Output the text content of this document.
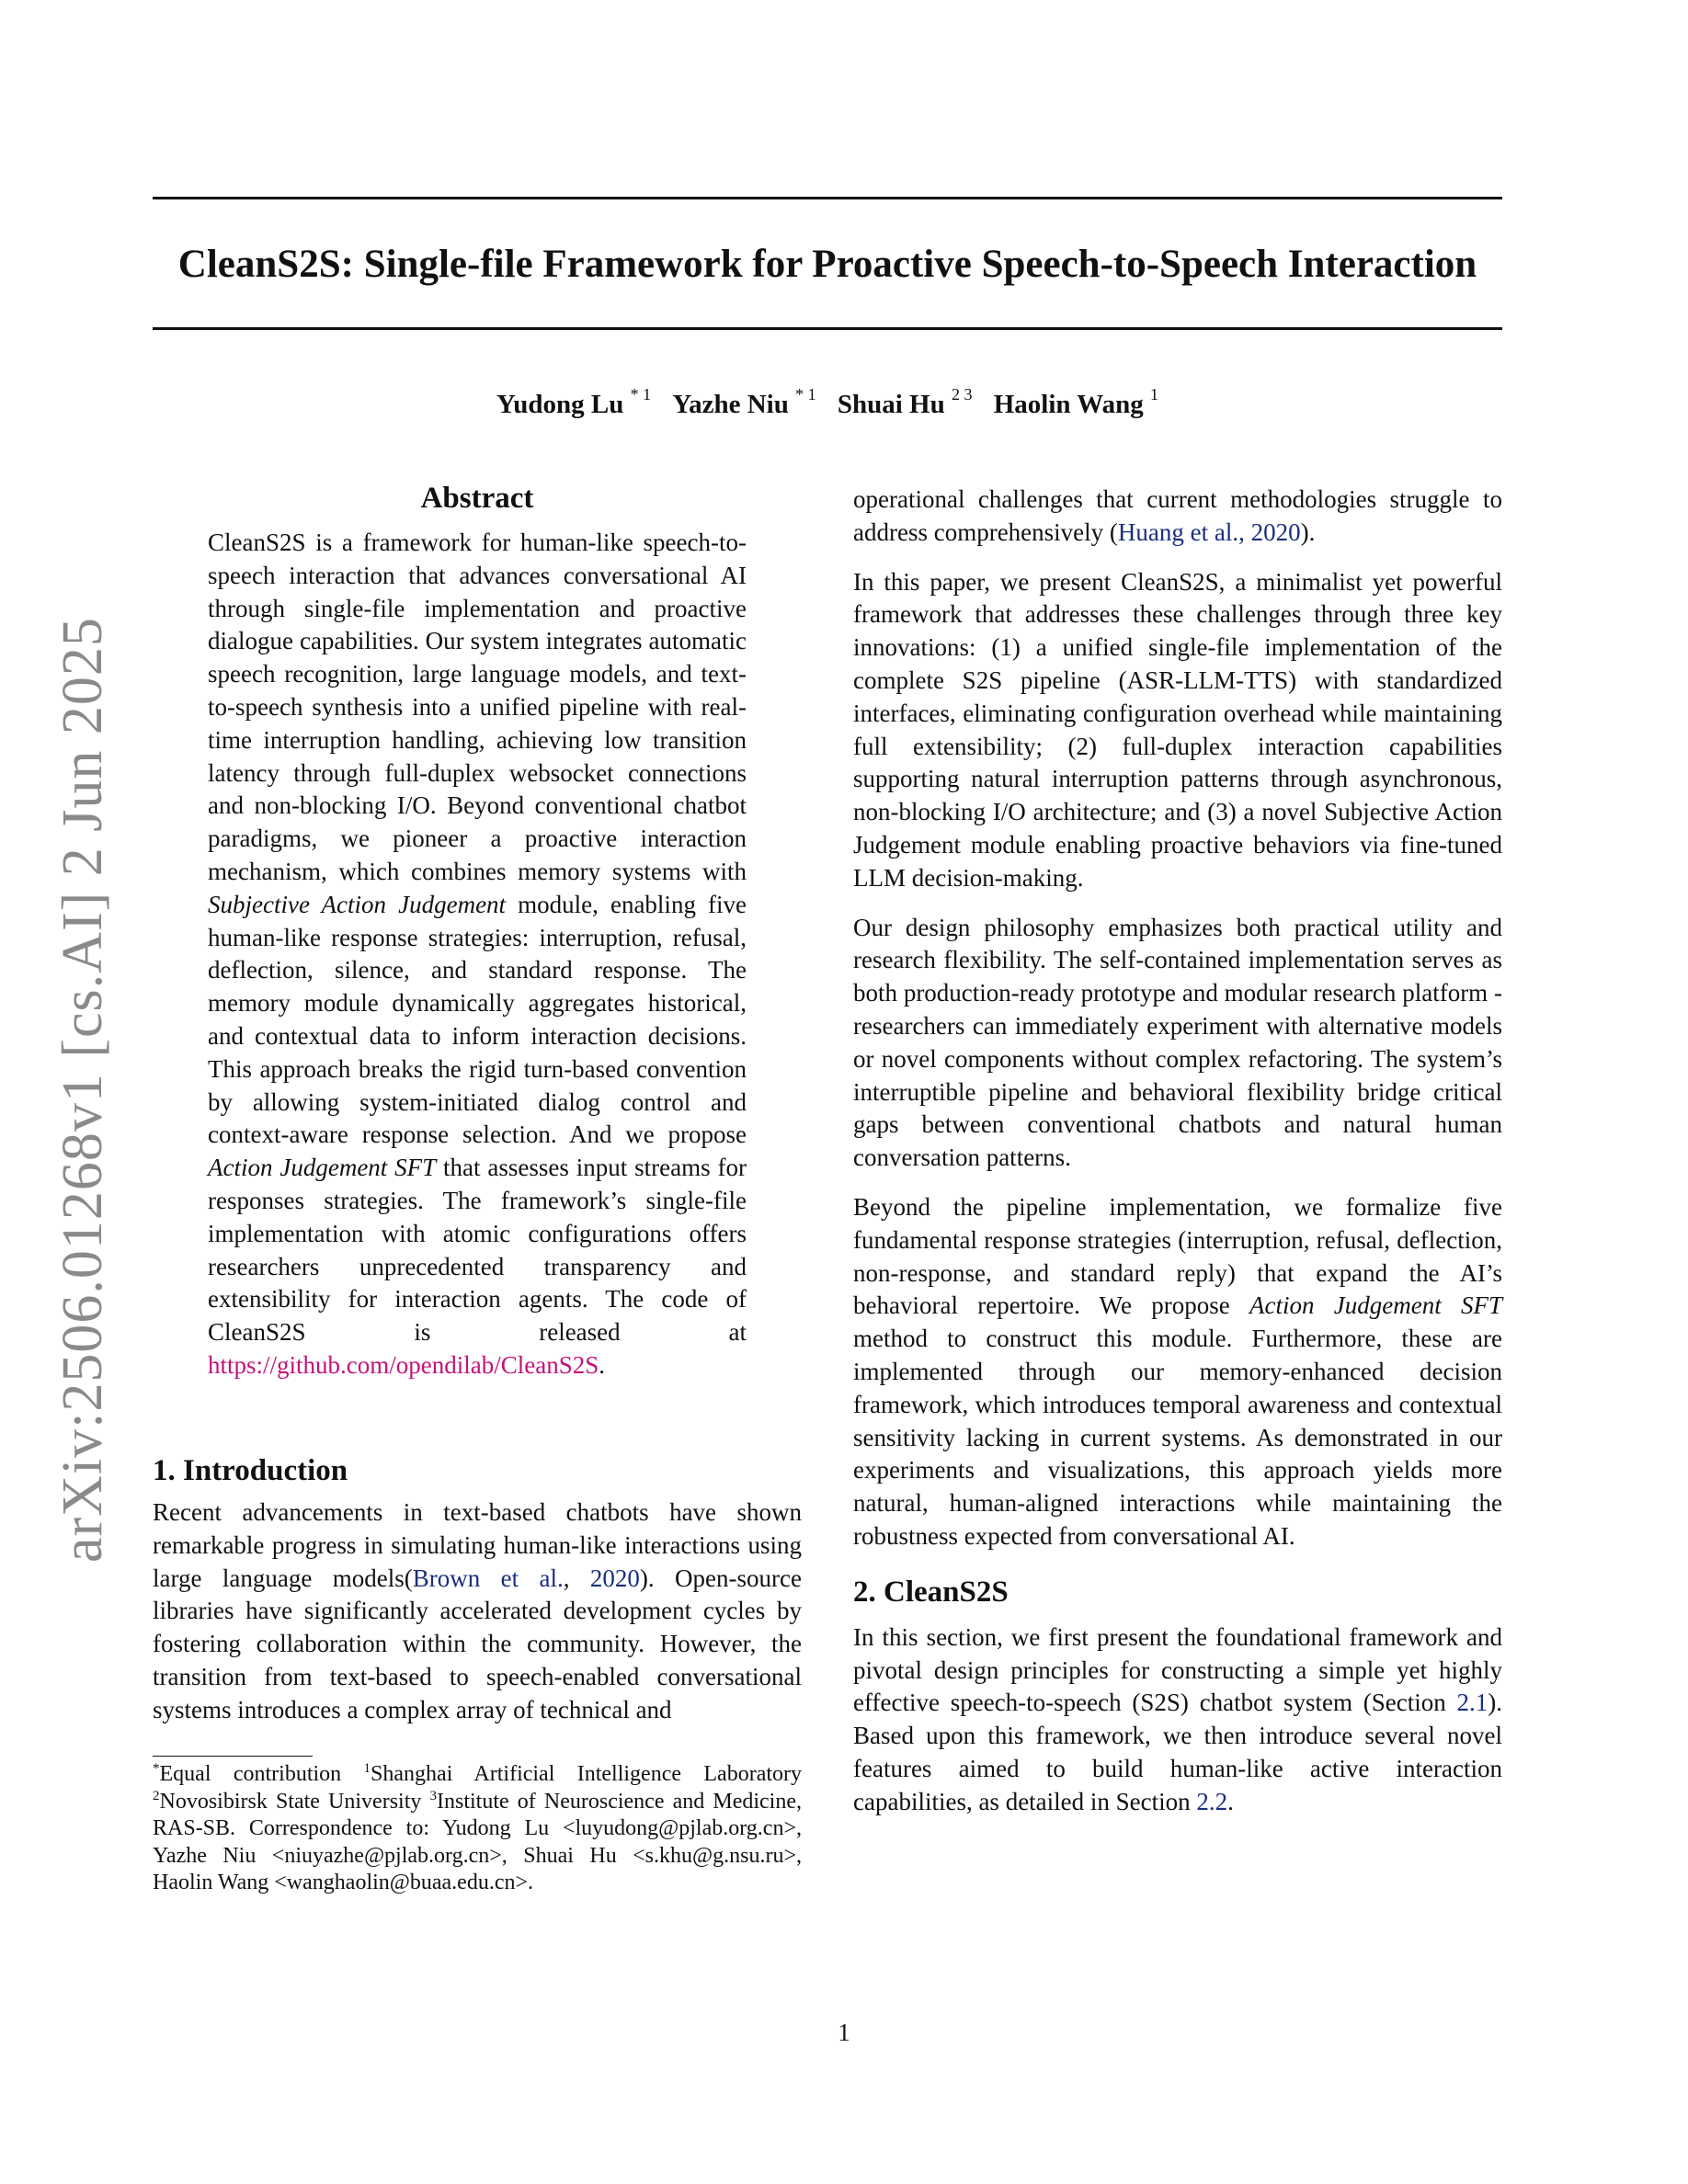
arXiv:2506.01268v1 [cs.AI] 2 Jun 2025
CleanS2S: Single-file Framework for Proactive Speech-to-Speech Interaction
Yudong Lu $^{* 1}$ Yazhe Niu $^{* 1}$ Shuai Hu $^{2 3}$ Haolin Wang $^1$
Abstract

CleanS2S is a framework for human-like speech-to-speech interaction that advances conversational AI through single-file implementation and proactive dialogue capabilities. Our system integrates automatic speech recognition, large language models, and text-to-speech synthesis into a unified pipeline with real-time interruption handling, achieving low transition latency through full-duplex websocket connections and non-blocking I/O. Beyond conventional chatbot paradigms, we pioneer a proactive interaction mechanism, which combines memory systems with Subjective Action Judgement module, enabling five human-like response strategies: interruption, refusal, deflection, silence, and standard response. The memory module dynamically aggregates historical, and contextual data to inform interaction decisions. This approach breaks the rigid turn-based convention by allowing system-initiated dialog control and context-aware response selection. And we propose Action Judgement SFT that assesses input streams for responses strategies. The framework’s single-file implementation with atomic configurations offers researchers unprecedented transparency and extensibility for interaction agents. The code of CleanS2S is released at https://github.com/opendilab/CleanS2S.

1. Introduction

Recent advancements in text-based chatbots have shown remarkable progress in simulating human-like interactions using large language models(Brown et al., 2020). Open-source libraries have significantly accelerated development cycles by fostering collaboration within the community. However, the transition from text-based to speech-enabled conversational systems introduces a complex array of technical and

*Equal contribution $^1$Shanghai Artificial Intelligence Laboratory $^2$Novosibirsk State University $^3$Institute of Neuroscience and Medicine, RAS-SB. Correspondence to: Yudong Lu <luyudong@pjlab.org.cn>, Yazhe Niu <niuyazhe@pjlab.org.cn>, Shuai Hu <s.khu@g.nsu.ru>, Haolin Wang <wanghaolin@buaa.edu.cn>.

operational challenges that current methodologies struggle to address comprehensively (Huang et al., 2020).

In this paper, we present CleanS2S, a minimalist yet powerful framework that addresses these challenges through three key innovations: (1) a unified single-file implementation of the complete S2S pipeline (ASR-LLM-TTS) with standardized interfaces, eliminating configuration overhead while maintaining full extensibility; (2) full-duplex interaction capabilities supporting natural interruption patterns through asynchronous, non-blocking I/O architecture; and (3) a novel Subjective Action Judgement module enabling proactive behaviors via fine-tuned LLM decision-making.

Our design philosophy emphasizes both practical utility and research flexibility. The self-contained implementation serves as both production-ready prototype and modular research platform - researchers can immediately experiment with alternative models or novel components without complex refactoring. The system’s interruptible pipeline and behavioral flexibility bridge critical gaps between conventional chatbots and natural human conversation patterns.

Beyond the pipeline implementation, we formalize five fundamental response strategies (interruption, refusal, deflection, non-response, and standard reply) that expand the AI’s behavioral repertoire. We propose Action Judgement SFT method to construct this module. Furthermore, these are implemented through our memory-enhanced decision framework, which introduces temporal awareness and contextual sensitivity lacking in current systems. As demonstrated in our experiments and visualizations, this approach yields more natural, human-aligned interactions while maintaining the robustness expected from conversational AI.

2. CleanS2S

In this section, we first present the foundational framework and pivotal design principles for constructing a simple yet highly effective speech-to-speech (S2S) chatbot system (Section 2.1). Based upon this framework, we then introduce several novel features aimed to build human-like active interaction capabilities, as detailed in Section 2.2.

1
